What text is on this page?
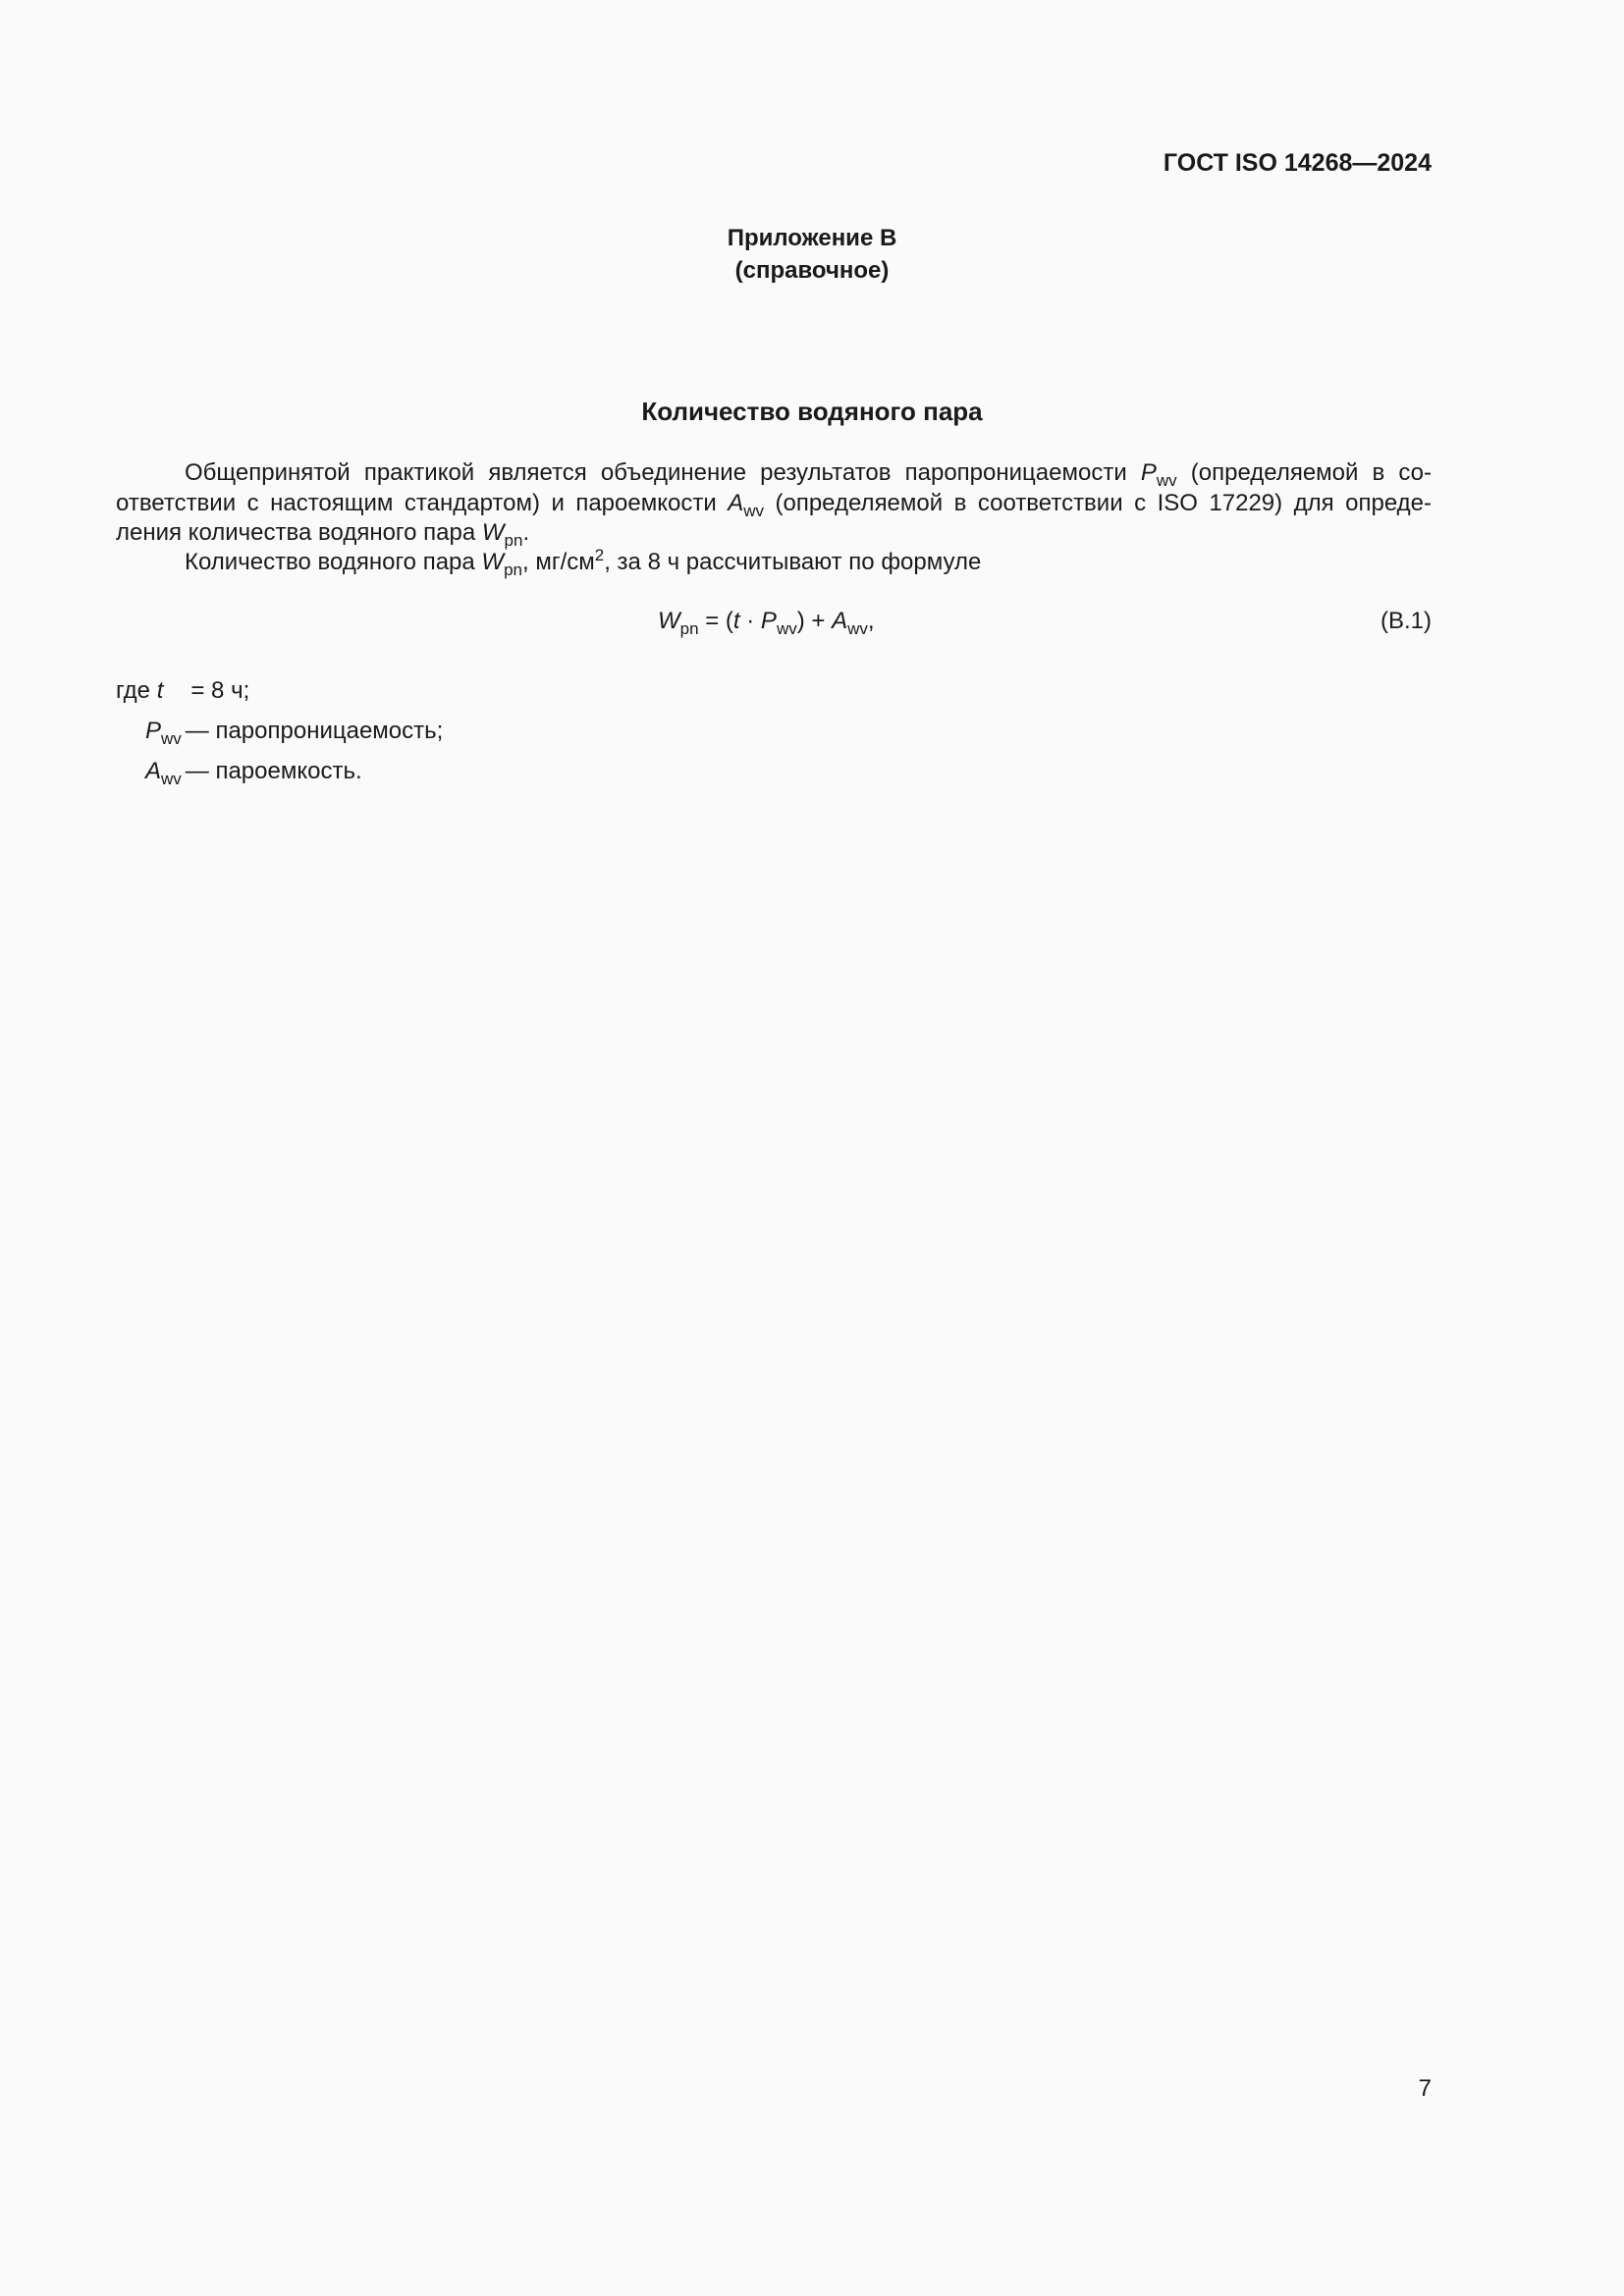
ГОСТ ISO 14268—2024
Приложение В
(справочное)
Количество водяного пара
Общепринятой практикой является объединение результатов паропроницаемости $P_{wv}$ (определяемой в со-
ответствии с настоящим стандартом) и пароемкости $A_{wv}$ (определяемой в соответствии с ISO 17229) для опреде-
ления количества водяного пара $W_{pn}$.
Количество водяного пара $W_{pn}$, $мг/см^2$, за 8 ч рассчитывают по формуле
$W_{pn} = (t \cdot P_{wv}) + A_{wv}$,	(B.1)
где t = 8 ч;
$P_{wv}$ — паропроницаемость;
$A_{wv}$ — пароемкость.
7
